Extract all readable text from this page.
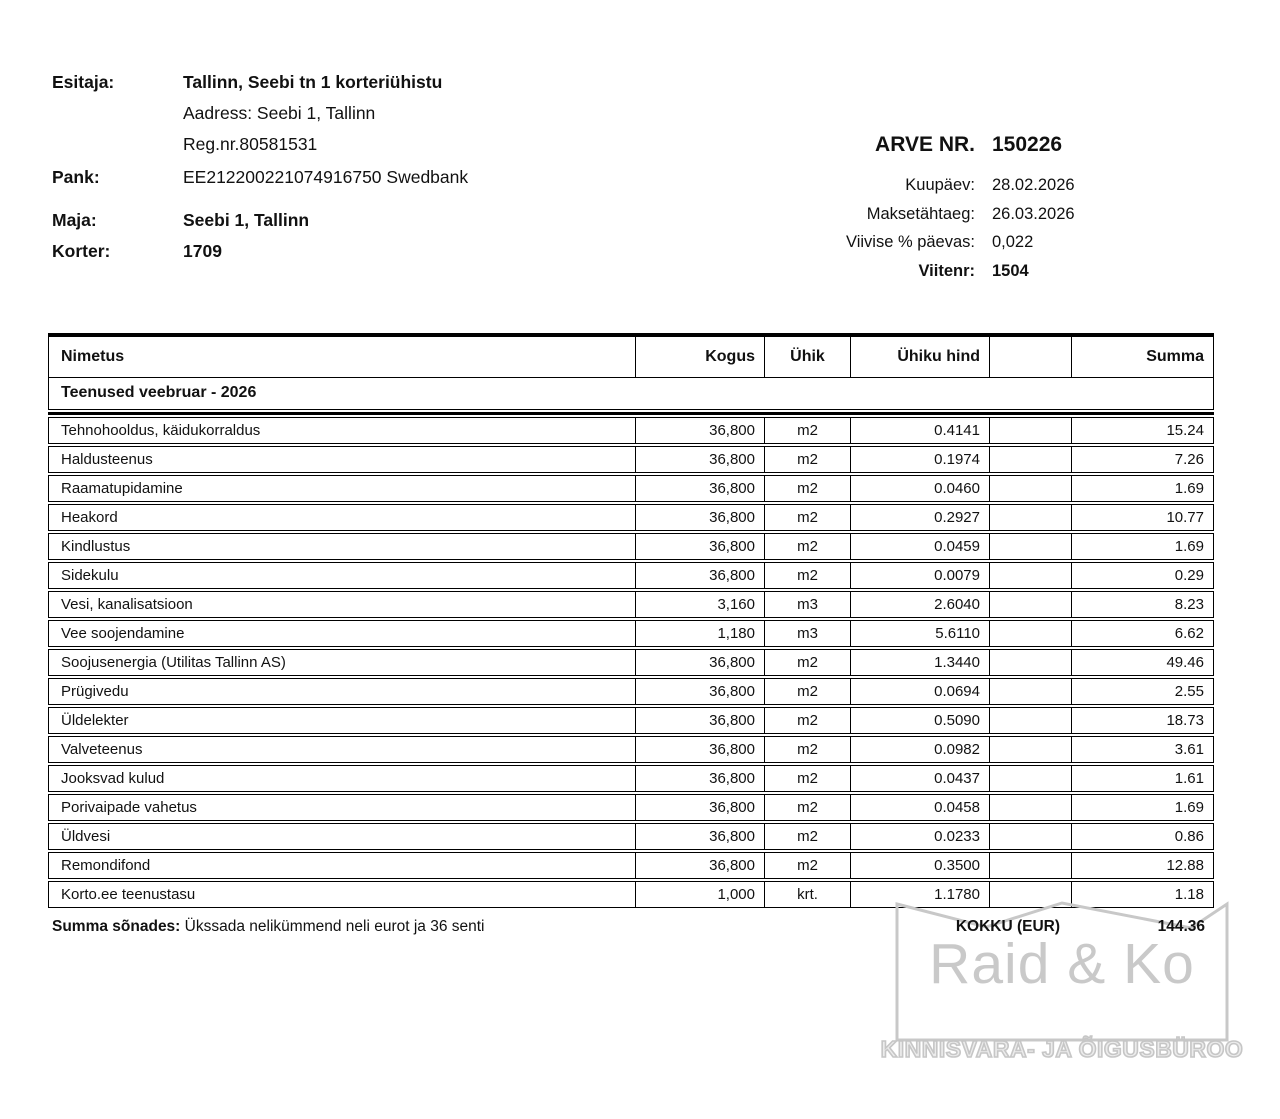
Esitaja:	Tallinn, Seebi tn 1 korteriühistu
Aadress: Seebi 1, Tallinn
Reg.nr.80581531
Pank:	EE212200221074916750 Swedbank
Maja:	Seebi 1, Tallinn
Korter:	1709
ARVE NR. 150226
Kuupäev: 28.02.2026
Maksetähtaeg: 26.03.2026
Viivise % päevas: 0,022
Viitenr: 1504
Nimetus	Kogus	Ühik	Ühiku hind	Summa
Teenused veebruar - 2026
Tehnohooldus, käidukorraldus	36,800	m2	0.4141	15.24
Haldusteenus	36,800	m2	0.1974	7.26
Raamatupidamine	36,800	m2	0.0460	1.69
Heakord	36,800	m2	0.2927	10.77
Kindlustus	36,800	m2	0.0459	1.69
Sidekulu	36,800	m2	0.0079	0.29
Vesi, kanalisatsioon	3,160	m3	2.6040	8.23
Vee soojendamine	1,180	m3	5.6110	6.62
Soojusenergia (Utilitas Tallinn AS)	36,800	m2	1.3440	49.46
Prügivedu	36,800	m2	0.0694	2.55
Üldelekter	36,800	m2	0.5090	18.73
Valveteenus	36,800	m2	0.0982	3.61
Jooksvad kulud	36,800	m2	0.0437	1.61
Porivaipade vahetus	36,800	m2	0.0458	1.69
Üldvesi	36,800	m2	0.0233	0.86
Remondifond	36,800	m2	0.3500	12.88
Korto.ee teenustasu	1,000	krt.	1.1780	1.18
Summa sõnades: Ükssada nelikümmend neli eurot ja 36 senti	KOKKU (EUR)	144.36
Raid & Ko
KINNISVARA- JA ÕIGUSBÜROO
